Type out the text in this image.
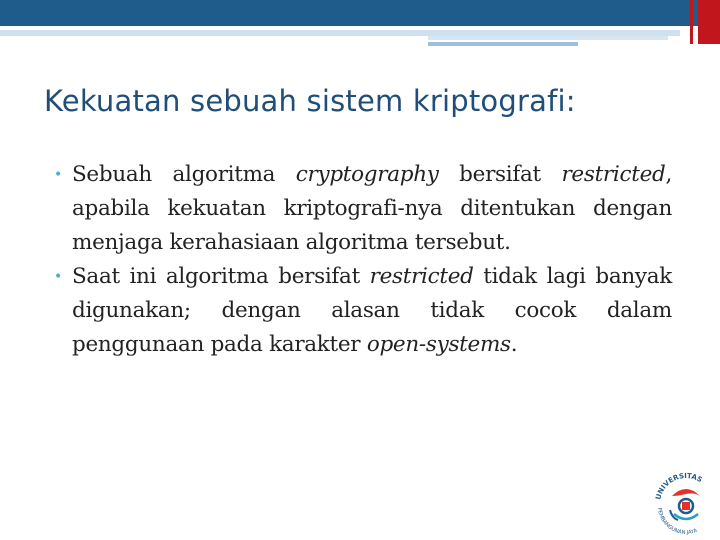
Kekuatan sebuah sistem kriptografi:

• Sebuah algoritma cryptography bersifat restricted, apabila kekuatan kriptografi-nya ditentukan dengan menjaga kerahasiaan algoritma tersebut.

• Saat ini algoritma bersifat restricted tidak lagi banyak digunakan; dengan alasan tidak cocok dalam penggunaan pada karakter open-systems.

UNIVERSITAS
PEMBANGUNAN JAYA
